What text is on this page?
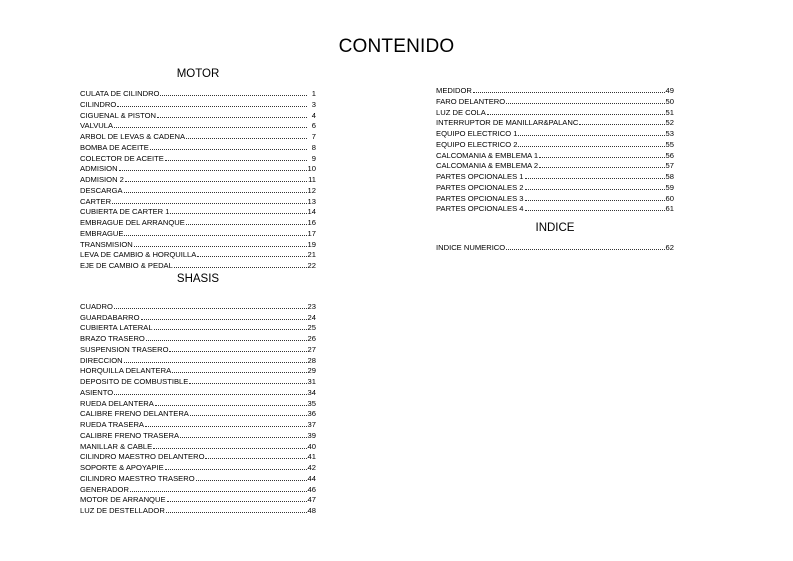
CONTENIDO
MOTOR
CULATA DE CILINDRO	1
CILINDRO	3
CIGUENAL & PISTON	4
VALVULA	6
ARBOL DE LEVAS & CADENA	7
BOMBA DE ACEITE	8
COLECTOR DE ACEITE	9
ADMISION	10
ADMISION 2	11
DESCARGA	12
CARTER	13
CUBIERTA DE CARTER 1	14
EMBRAGUE DEL ARRANQUE	16
EMBRAGUE	17
TRANSMISION	19
LEVA DE CAMBIO & HORQUILLA	21
EJE DE CAMBIO & PEDAL	22
SHASIS
CUADRO	23
GUARDABARRO	24
CUBIERTA LATERAL	25
BRAZO TRASERO	26
SUSPENSION TRASERO	27
DIRECCION	28
HORQUILLA DELANTERA	29
DEPOSITO DE COMBUSTIBLE	31
ASIENTO	34
RUEDA DELANTERA	35
CALIBRE FRENO DELANTERA	36
RUEDA TRASERA	37
CALIBRE FRENO TRASERA	39
MANILLAR & CABLE	40
CILINDRO MAESTRO DELANTERO	41
SOPORTE & APOYAPIE	42
CILINDRO MAESTRO TRASERO	44
GENERADOR	46
MOTOR DE ARRANQUE	47
LUZ DE DESTELLADOR	48
MEDIDOR	49
FARO DELANTERO	50
LUZ DE COLA	51
INTERRUPTOR DE MANILLAR&PALANC	52
EQUIPO ELECTRICO 1	53
EQUIPO ELECTRICO 2	55
CALCOMANIA & EMBLEMA 1	56
CALCOMANIA & EMBLEMA 2	57
PARTES OPCIONALES 1	58
PARTES OPCIONALES 2	59
PARTES OPCIONALES 3	60
PARTES OPCIONALES 4	61
INDICE
INDICE NUMERICO	62
